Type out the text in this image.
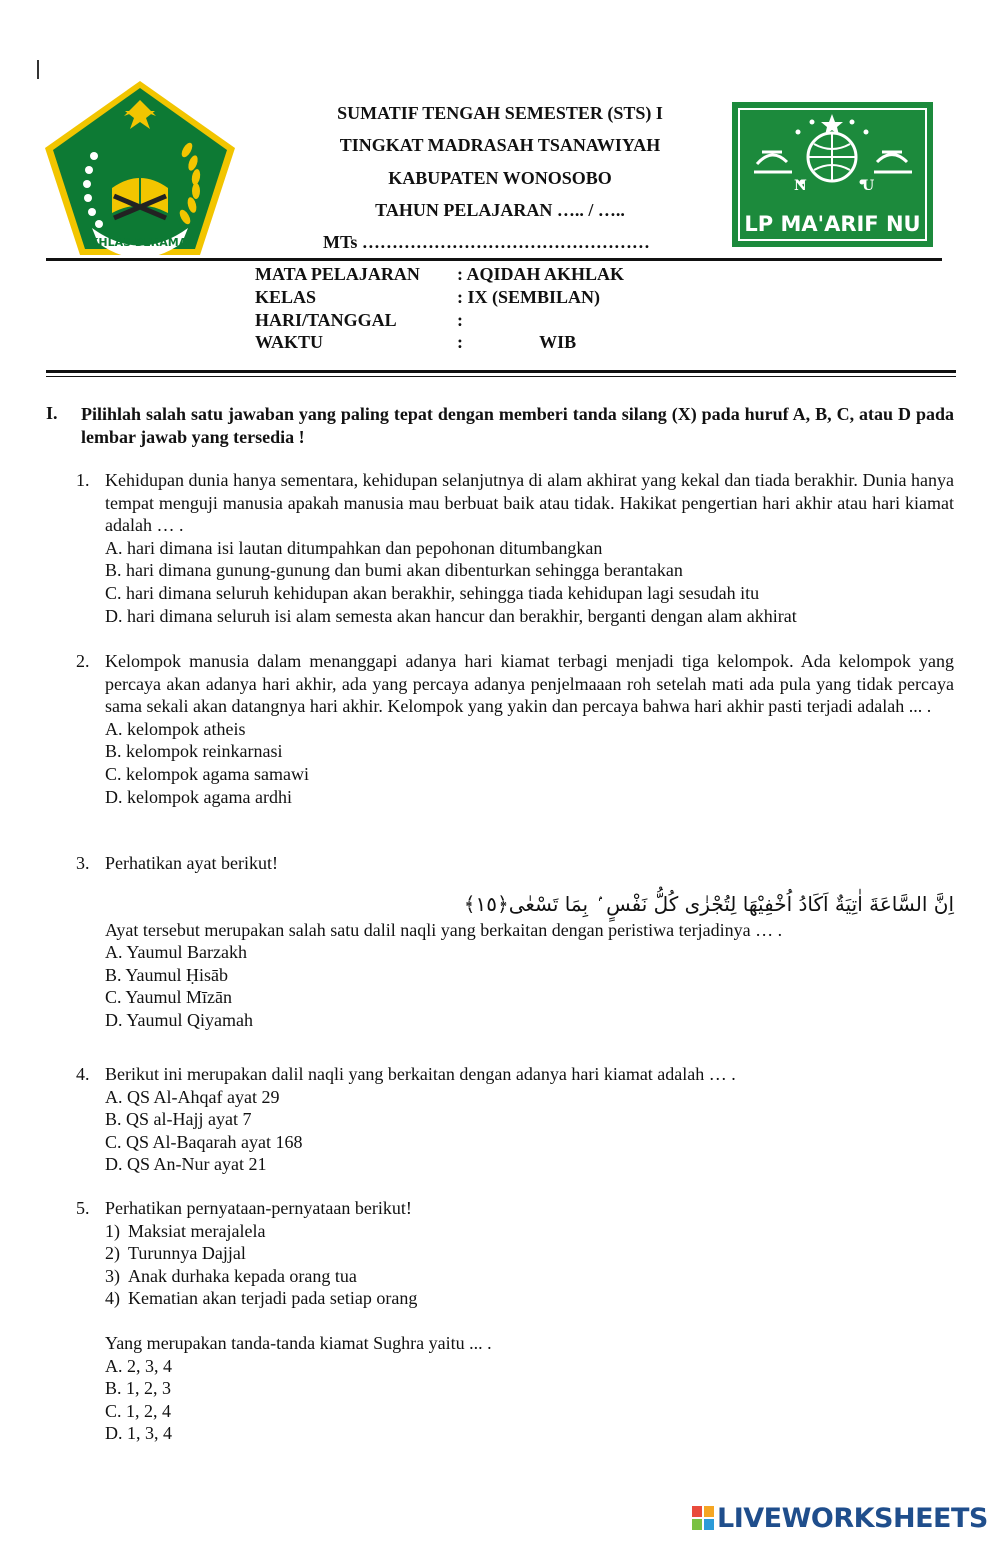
IKHLAS BERAMAL
SUMATIF TENGAH SEMESTER (STS) I
TINGKAT MADRASAH TSANAWIYAH
KABUPATEN WONOSOBO
TAHUN PELAJARAN ….. / …..
MTs …………………………………………
N	U
LP MA'ARIF NU
MATA PELAJARAN : AQIDAH AKHLAK
KELAS	: IX (SEMBILAN)
HARI/TANGGAL	:
WAKTU	:                 WIB
I. Pilihlah salah satu jawaban yang paling tepat dengan memberi tanda silang (X) pada huruf A, B, C, atau D pada lembar jawab yang tersedia !
1. Kehidupan dunia hanya sementara, kehidupan selanjutnya di alam akhirat yang kekal dan tiada berakhir. Dunia hanya tempat menguji manusia apakah manusia mau berbuat baik atau tidak. Hakikat pengertian hari akhir atau hari kiamat adalah … .
A. hari dimana isi lautan ditumpahkan dan pepohonan ditumbangkan
B. hari dimana gunung-gunung dan bumi akan dibenturkan sehingga berantakan
C. hari dimana seluruh kehidupan akan berakhir, sehingga tiada kehidupan lagi sesudah itu
D. hari dimana seluruh isi alam semesta akan hancur dan berakhir, berganti dengan alam akhirat
2. Kelompok manusia dalam menanggapi adanya hari kiamat terbagi menjadi tiga kelompok. Ada kelompok yang percaya akan adanya hari akhir, ada yang percaya adanya penjelmaaan roh setelah mati ada pula yang tidak percaya sama sekali akan datangnya hari akhir. Kelompok yang yakin dan percaya bahwa hari akhir pasti terjadi adalah ... .
A. kelompok atheis
B. kelompok reinkarnasi
C. kelompok agama samawi
D. kelompok agama ardhi
3. Perhatikan ayat berikut!
اِنَّ السَّاعَةَ اٰتِيَةٌ اَكَادُ اُخْفِيْهَا لِتُجْزٰى كُلُّ نَفْسٍ ۢ بِمَا تَسْعٰى﴿١٥﴾
Ayat tersebut merupakan salah satu dalil naqli yang berkaitan dengan peristiwa terjadinya … .
A. Yaumul Barzakh
B. Yaumul Ḥisāb
C. Yaumul Mīzān
D. Yaumul Qiyamah
4. Berikut ini merupakan dalil naqli yang berkaitan dengan adanya hari kiamat adalah … .
A. QS Al-Ahqaf ayat 29
B. QS al-Hajj ayat 7
C. QS Al-Baqarah ayat 168
D. QS An-Nur ayat 21
5. Perhatikan pernyataan-pernyataan berikut!
1) Maksiat merajalela
2) Turunnya Dajjal
3) Anak durhaka kepada orang tua
4) Kematian akan terjadi pada setiap orang
Yang merupakan tanda-tanda kiamat Sughra yaitu ... .
A. 2, 3, 4
B. 1, 2, 3
C. 1, 2, 4
D. 1, 3, 4
LIVEWORKSHEETS
